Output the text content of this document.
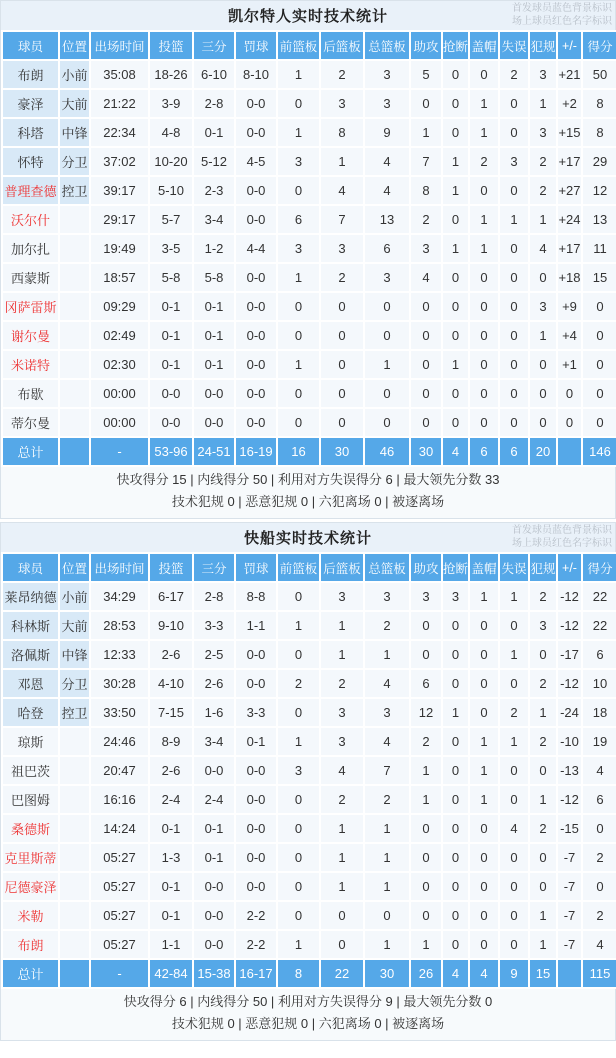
凯尔特人实时技术统计	首发球员蓝色背景标识
场上球员红色名字标识
球员	位置	出场时间	投篮	三分	罚球	前篮板	后篮板	总篮板	助攻	抢断	盖帽	失误	犯规	+/-	得分
布朗	小前	35:08	18-26	6-10	8-10	1	2	3	5	0	0	2	3	+21	50
豪泽	大前	21:22	3-9	2-8	0-0	0	3	3	0	0	1	0	1	+2	8
科塔	中锋	22:34	4-8	0-1	0-0	1	8	9	1	0	1	0	3	+15	8
怀特	分卫	37:02	10-20	5-12	4-5	3	1	4	7	1	2	3	2	+17	29
普理查德	控卫	39:17	5-10	2-3	0-0	0	4	4	8	1	0	0	2	+27	12
沃尔什		29:17	5-7	3-4	0-0	6	7	13	2	0	1	1	1	+24	13
加尔扎		19:49	3-5	1-2	4-4	3	3	6	3	1	1	0	4	+17	11
西蒙斯		18:57	5-8	5-8	0-0	1	2	3	4	0	0	0	0	+18	15
冈萨雷斯		09:29	0-1	0-1	0-0	0	0	0	0	0	0	0	3	+9	0
谢尔曼		02:49	0-1	0-1	0-0	0	0	0	0	0	0	0	1	+4	0
米诺特		02:30	0-1	0-1	0-0	1	0	1	0	1	0	0	0	+1	0
布歇		00:00	0-0	0-0	0-0	0	0	0	0	0	0	0	0	0	0
蒂尔曼		00:00	0-0	0-0	0-0	0	0	0	0	0	0	0	0	0	0
总计		-	53-96	24-51	16-19	16	30	46	30	4	6	6	20		146
快攻得分 15 | 内线得分 50 | 利用对方失误得分 6 | 最大领先分数 33
技术犯规 0 | 恶意犯规 0 | 六犯离场 0 | 被逐离场
快船实时技术统计	首发球员蓝色背景标识
场上球员红色名字标识
球员	位置	出场时间	投篮	三分	罚球	前篮板	后篮板	总篮板	助攻	抢断	盖帽	失误	犯规	+/-	得分
莱昂纳德	小前	34:29	6-17	2-8	8-8	0	3	3	3	3	1	1	2	-12	22
科林斯	大前	28:53	9-10	3-3	1-1	1	1	2	0	0	0	0	3	-12	22
洛佩斯	中锋	12:33	2-6	2-5	0-0	0	1	1	0	0	0	1	0	-17	6
邓恩	分卫	30:28	4-10	2-6	0-0	2	2	4	6	0	0	0	2	-12	10
哈登	控卫	33:50	7-15	1-6	3-3	0	3	3	12	1	0	2	1	-24	18
琼斯		24:46	8-9	3-4	0-1	1	3	4	2	0	1	1	2	-10	19
祖巴茨		20:47	2-6	0-0	0-0	3	4	7	1	0	1	0	0	-13	4
巴图姆		16:16	2-4	2-4	0-0	0	2	2	1	0	1	0	1	-12	6
桑德斯		14:24	0-1	0-1	0-0	0	1	1	0	0	0	4	2	-15	0
克里斯蒂		05:27	1-3	0-1	0-0	0	1	1	0	0	0	0	0	-7	2
尼德豪泽		05:27	0-1	0-0	0-0	0	1	1	0	0	0	0	0	-7	0
米勒		05:27	0-1	0-0	2-2	0	0	0	0	0	0	0	1	-7	2
布朗		05:27	1-1	0-0	2-2	1	0	1	1	0	0	0	1	-7	4
总计		-	42-84	15-38	16-17	8	22	30	26	4	4	9	15		115
快攻得分 6 | 内线得分 50 | 利用对方失误得分 9 | 最大领先分数 0
技术犯规 0 | 恶意犯规 0 | 六犯离场 0 | 被逐离场
